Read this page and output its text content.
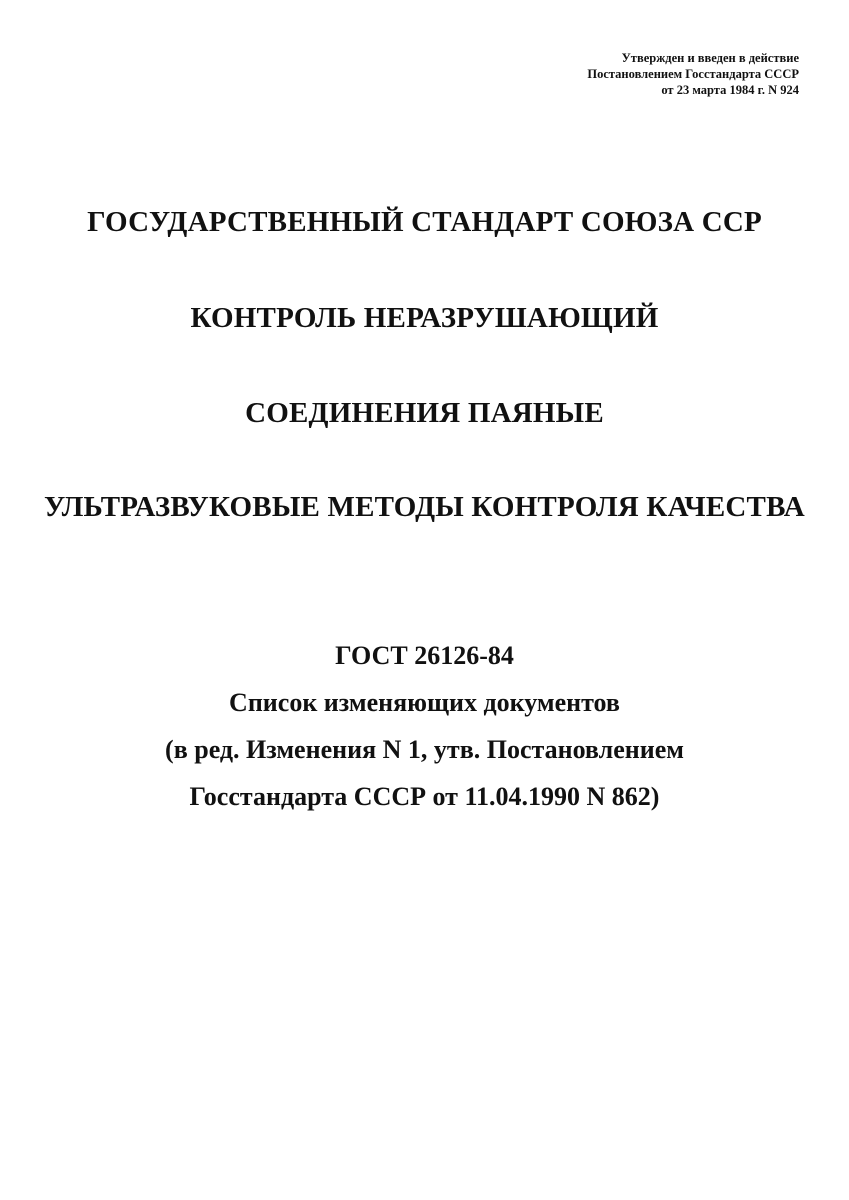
Утвержден и введен в действие
Постановлением Госстандарта СССР
от 23 марта 1984 г. N 924
ГОСУДАРСТВЕННЫЙ СТАНДАРТ СОЮЗА ССР
КОНТРОЛЬ НЕРАЗРУШАЮЩИЙ
СОЕДИНЕНИЯ ПАЯНЫЕ
УЛЬТРАЗВУКОВЫЕ МЕТОДЫ КОНТРОЛЯ КАЧЕСТВА
ГОСТ 26126-84
Список изменяющих документов
(в ред. Изменения N 1, утв. Постановлением
Госстандарта СССР от 11.04.1990 N 862)
